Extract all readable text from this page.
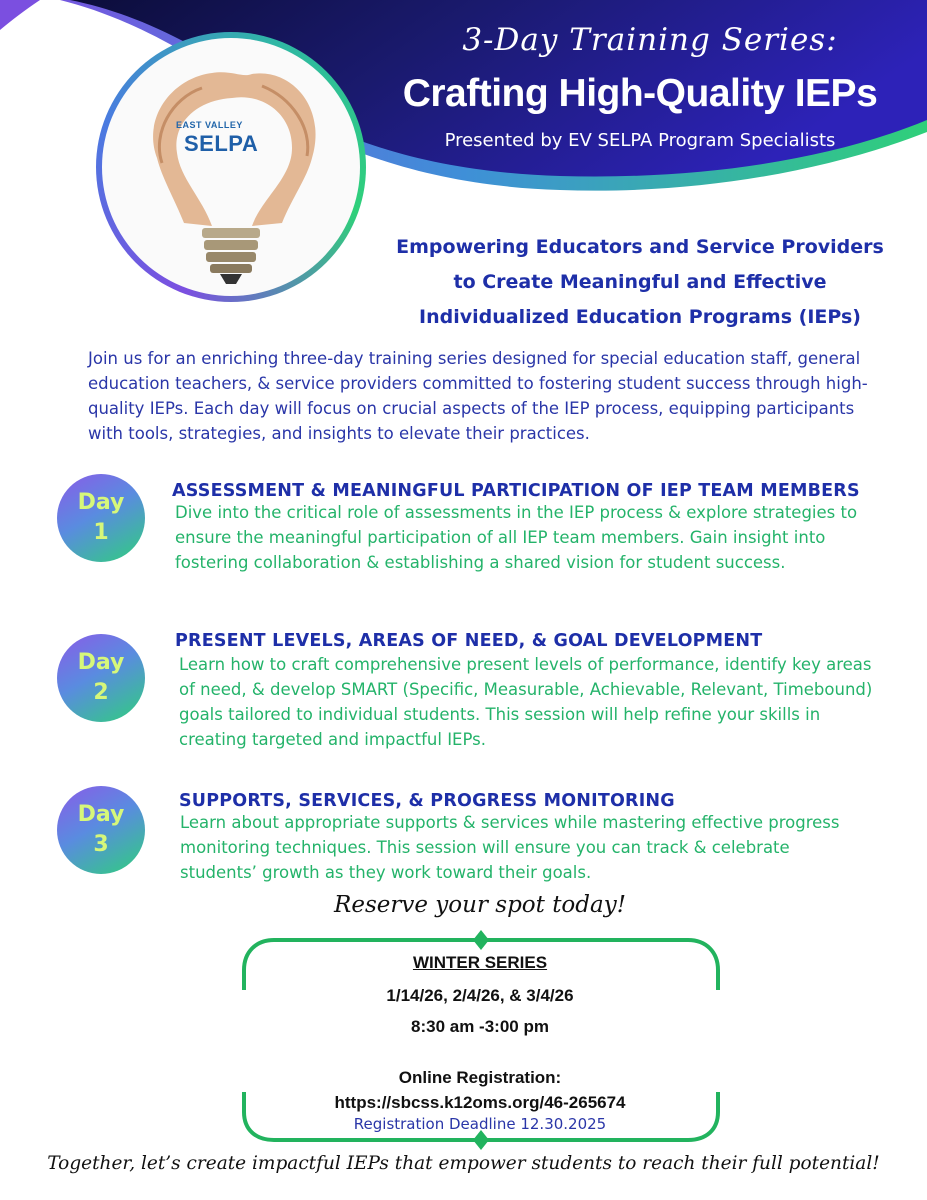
3-Day Training Series:
Crafting High-Quality IEPs
Presented by EV SELPA Program Specialists
EAST VALLEY
SELPA
Empowering Educators and Service Providers
to Create Meaningful and Effective
Individualized Education Programs (IEPs)
Join us for an enriching three-day training series designed for special education staff, general education teachers, & service providers committed to fostering student success through high-quality IEPs. Each day will focus on crucial aspects of the IEP process, equipping participants with tools, strategies, and insights to elevate their practices.
Day
1
ASSESSMENT & MEANINGFUL PARTICIPATION OF IEP TEAM MEMBERS
Dive into the critical role of assessments in the IEP process & explore strategies to ensure the meaningful participation of all IEP team members. Gain insight into fostering collaboration & establishing a shared vision for student success.
Day
2
PRESENT LEVELS, AREAS OF NEED, & GOAL DEVELOPMENT
Learn how to craft comprehensive present levels of performance, identify key areas of need, & develop SMART (Specific, Measurable, Achievable, Relevant, Timebound) goals tailored to individual students. This session will help refine your skills in creating targeted and impactful IEPs.
Day
3
SUPPORTS, SERVICES, & PROGRESS MONITORING
Learn about appropriate supports & services while mastering effective progress monitoring techniques. This session will ensure you can track & celebrate students’ growth as they work toward their goals.
Reserve your spot today!
WINTER SERIES
1/14/26, 2/4/26, & 3/4/26
8:30 am -3:00 pm
Online Registration:
https://sbcss.k12oms.org/46-265674
Registration Deadline 12.30.2025
Together, let’s create impactful IEPs that empower students to reach their full potential!
